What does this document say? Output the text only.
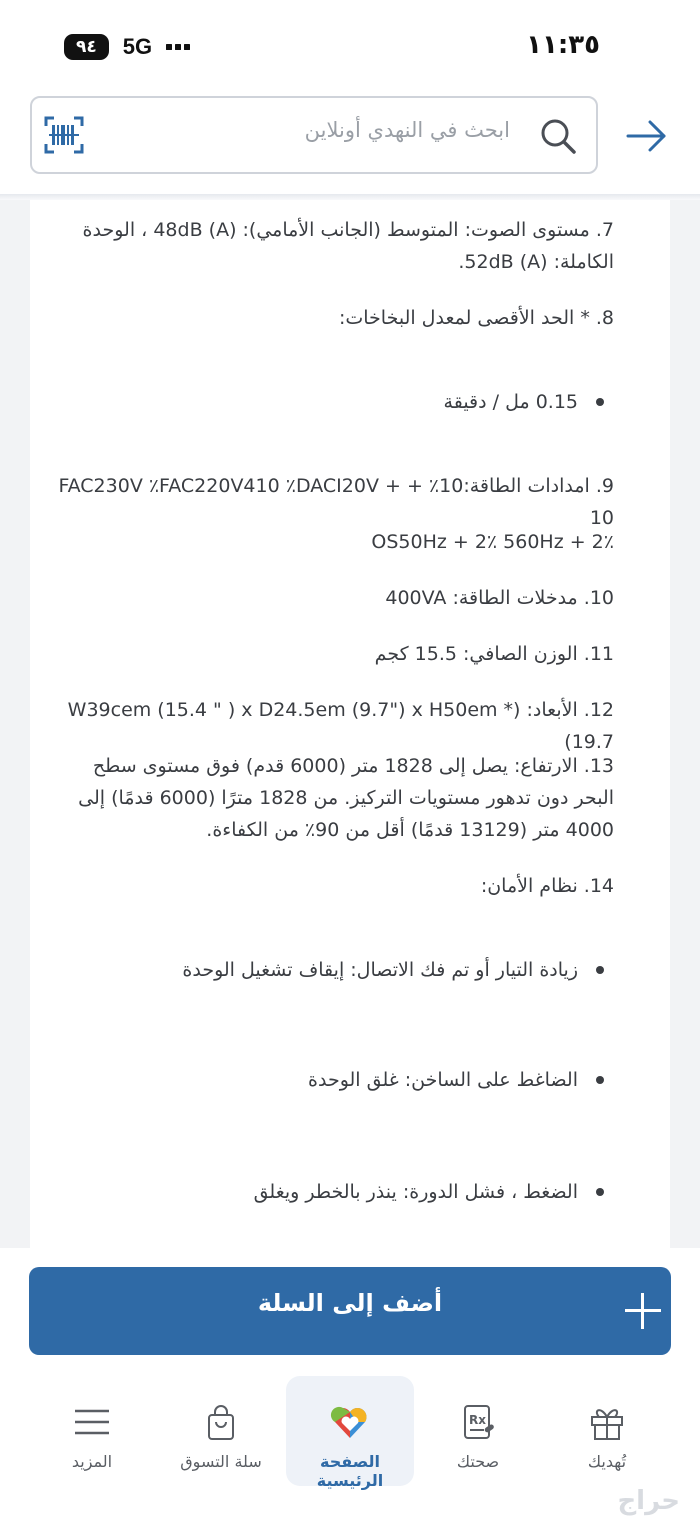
٩٤	5G	١١:٣٥
ابحث في النهدي أونلاين
7. مستوى الصوت: المتوسط (الجانب الأمامي): (A) 48dB ، الوحدة
الكاملة: (A) 52dB.
8. * الحد الأقصى لمعدل البخاخات:
0.15 مل / دقيقة
9. امدادات الطاقة:10٪ + FAC230V ٪FAC220V410 ٪DACI20V + 10
٪OS50Hz + 2٪ 560Hz + 2
10. مدخلات الطاقة: 400VA
11. الوزن الصافي: 15.5 كجم
12. الأبعاد: (* W39cem (15.4 " ) x D24.5em (9.7") x H50em (19.7
13. الارتفاع: يصل إلى 1828 متر (6000 قدم) فوق مستوى سطح
البحر دون تدهور مستويات التركيز. من 1828 مترًا (6000 قدمًا) إلى
4000 متر (13129 قدمًا) أقل من 90٪ من الكفاءة.
14. نظام الأمان:
زيادة التيار أو تم فك الاتصال: إيقاف تشغيل الوحدة
الضاغط على الساخن: غلق الوحدة
الضغط ، فشل الدورة: ينذر بالخطر ويغلق
أضف إلى السلة
تُهديك
Rx
صحتك
الصفحة الرئيسية
سلة التسوق
المزيد
حراج
